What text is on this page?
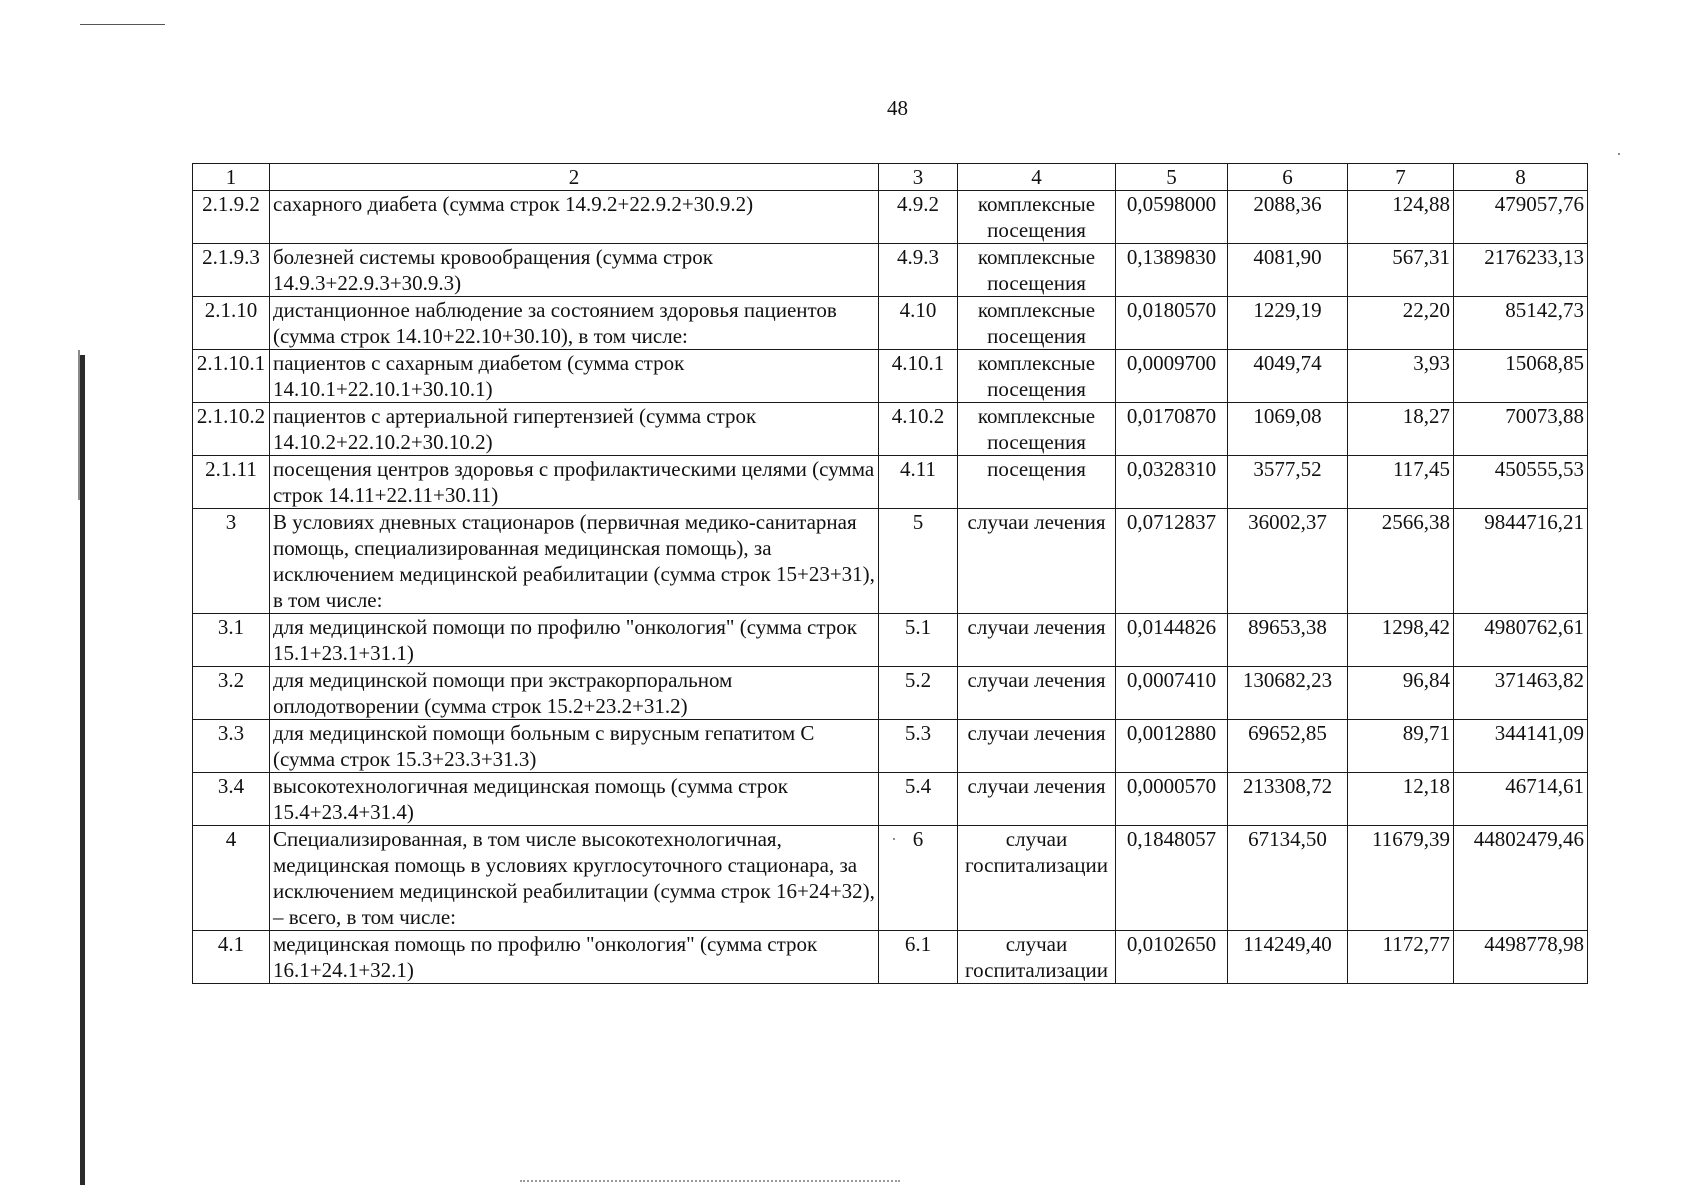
48
1	2	3	4	5	6	7	8
2.1.9.2	сахарного диабета (сумма строк 14.9.2+22.9.2+30.9.2)	4.9.2	комплексные посещения	0,0598000	2088,36	124,88	479057,76
2.1.9.3	болезней системы кровообращения (сумма строк 14.9.3+22.9.3+30.9.3)	4.9.3	комплексные посещения	0,1389830	4081,90	567,31	2176233,13
2.1.10	дистанционное наблюдение за состоянием здоровья пациентов (сумма строк 14.10+22.10+30.10), в том числе:	4.10	комплексные посещения	0,0180570	1229,19	22,20	85142,73
2.1.10.1	пациентов с сахарным диабетом (сумма строк 14.10.1+22.10.1+30.10.1)	4.10.1	комплексные посещения	0,0009700	4049,74	3,93	15068,85
2.1.10.2	пациентов с артериальной гипертензией (сумма строк 14.10.2+22.10.2+30.10.2)	4.10.2	комплексные посещения	0,0170870	1069,08	18,27	70073,88
2.1.11	посещения центров здоровья с профилактическими целями (сумма строк 14.11+22.11+30.11)	4.11	посещения	0,0328310	3577,52	117,45	450555,53
3	В условиях дневных стационаров (первичная медико-санитарная помощь, специализированная медицинская помощь), за исключением медицинской реабилитации (сумма строк 15+23+31), в том числе:	5	случаи лечения	0,0712837	36002,37	2566,38	9844716,21
3.1	для медицинской помощи по профилю "онкология" (сумма строк 15.1+23.1+31.1)	5.1	случаи лечения	0,0144826	89653,38	1298,42	4980762,61
3.2	для медицинской помощи при экстракорпоральном оплодотворении (сумма строк 15.2+23.2+31.2)	5.2	случаи лечения	0,0007410	130682,23	96,84	371463,82
3.3	для медицинской помощи больным с вирусным гепатитом С (сумма строк 15.3+23.3+31.3)	5.3	случаи лечения	0,0012880	69652,85	89,71	344141,09
3.4	высокотехнологичная медицинская помощь (сумма строк 15.4+23.4+31.4)	5.4	случаи лечения	0,0000570	213308,72	12,18	46714,61
4	Специализированная, в том числе высокотехнологичная, медицинская помощь в условиях круглосуточного стационара, за исключением медицинской реабилитации (сумма строк 16+24+32), – всего, в том числе:	6	случаи госпитализации	0,1848057	67134,50	11679,39	44802479,46
4.1	медицинская помощь по профилю "онкология" (сумма строк 16.1+24.1+32.1)	6.1	случаи госпитализации	0,0102650	114249,40	1172,77	4498778,98
